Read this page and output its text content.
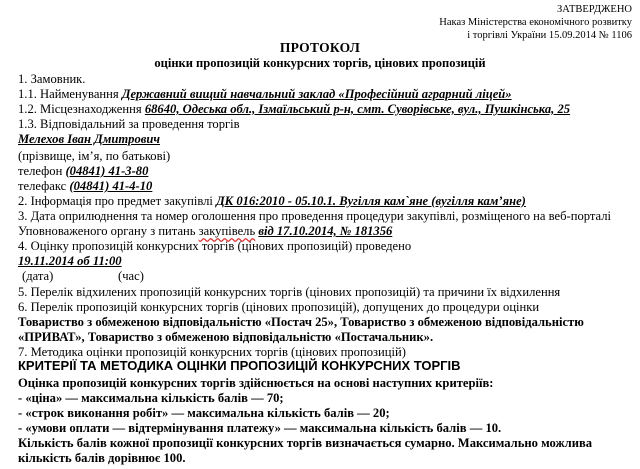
ЗАТВЕРДЖЕНО
Наказ Міністерства економічного розвитку
і торгівлі України 15.09.2014 № 1106
ПРОТОКОЛ
оцінки пропозицій конкурсних торгів, цінових пропозицій
1. Замовник.
1.1. Найменування Державний вищий навчальний заклад «Професійний аграрний ліцей»
1.2. Місцезнаходження 68640, Одеська обл., Ізмаїльський р-н, смт. Суворівське, вул., Пушкінська, 25
1.3. Відповідальний за проведення торгів
Мелехов Іван Дмитрович
(прізвище, ім’я, по батькові)
телефон (04841) 41-3-80
телефакс (04841) 41-4-10
2. Інформація про предмет закупівлі ДК 016:2010 - 05.10.1. Вугілля кам`яне (вугілля кам’яне)
3. Дата оприлюднення та номер оголошення про проведення процедури закупівлі, розміщеного на веб-порталі
Уповноваженого органу з питань закупівель від 17.10.2014, № 181356
4. Оцінку пропозицій конкурсних торгів (цінових пропозицій) проведено
19.11.2014 об 11:00
(дата)	(час)
5. Перелік відхилених пропозицій конкурсних торгів (цінових пропозицій) та причини їх відхилення
6. Перелік пропозицій конкурсних торгів (цінових пропозицій), допущених до процедури оцінки
Товариство з обмеженою відповідальністю «Постач 25», Товариство з обмеженою відповідальністю
«ПРИВАТ», Товариство з обмеженою відповідальністю «Постачальник».
7. Методика оцінки пропозицій конкурсних торгів (цінових пропозицій)
КРИТЕРІЇ ТА МЕТОДИКА ОЦІНКИ ПРОПОЗИЦІЙ КОНКУРСНИХ ТОРГІВ
Оцінка пропозицій конкурсних торгів здійснюється на основі наступних критеріїв:
- «ціна» — максимальна кількість балів — 70;
- «строк виконання робіт» — максимальна кількість балів — 20;
- «умови оплати — відтермінування платежу» — максимальна кількість балів — 10.
Кількість балів кожної пропозиції конкурсних торгів визначається сумарно. Максимально можлива
кількість балів дорівнює 100.
